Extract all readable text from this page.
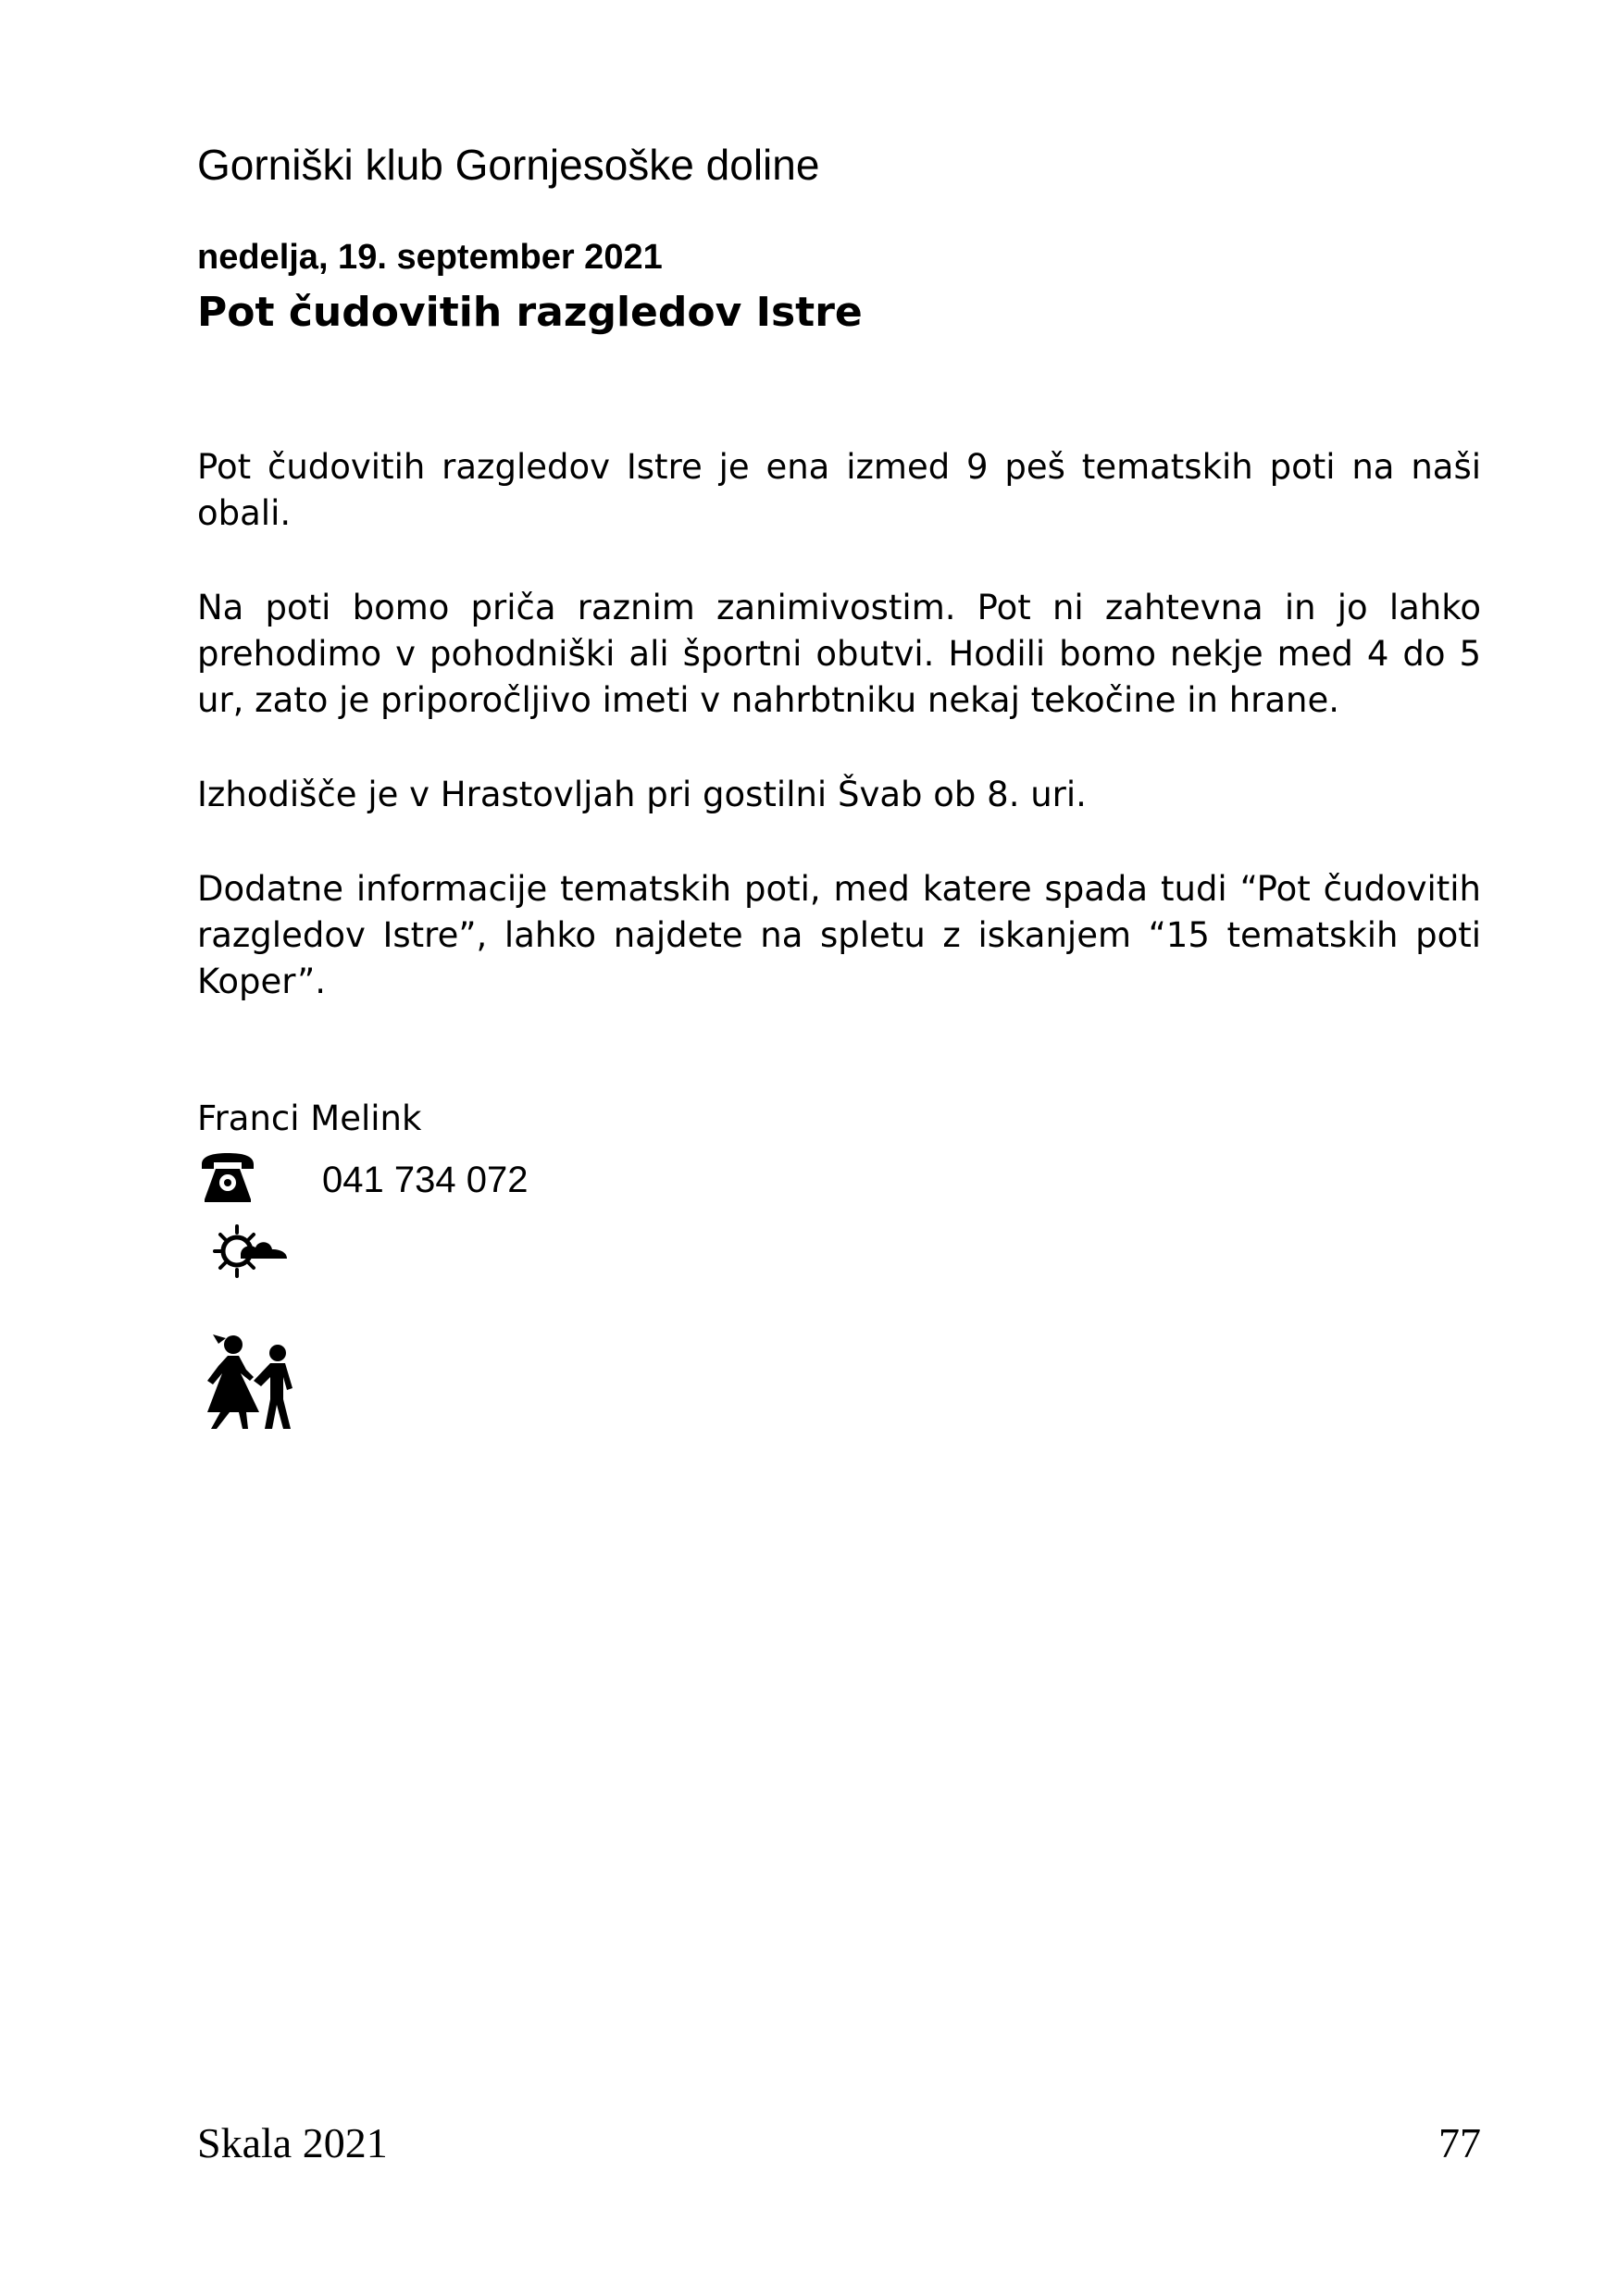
Gorniški klub Gornjesoške doline
nedelja, 19. september 2021
Pot čudovitih razgledov Istre

Pot čudovitih razgledov Istre je ena izmed 9 peš tematskih poti na naši obali.

Na poti bomo priča raznim zanimivostim. Pot ni zahtevna in jo lahko prehodimo v pohodniški ali športni obutvi. Hodili bomo nekje med 4 do 5 ur, zato je priporočljivo imeti v nahrbtniku nekaj tekočine in hrane.

Izhodišče je v Hrastovljah pri gostilni Švab ob 8. uri.

Dodatne informacije tematskih poti, med katere spada tudi “Pot čudovitih razgledov Istre”, lahko najdete na spletu z iskanjem “15 tematskih poti Koper”.

Franci Melink
041 734 072
Skala 2021	77
